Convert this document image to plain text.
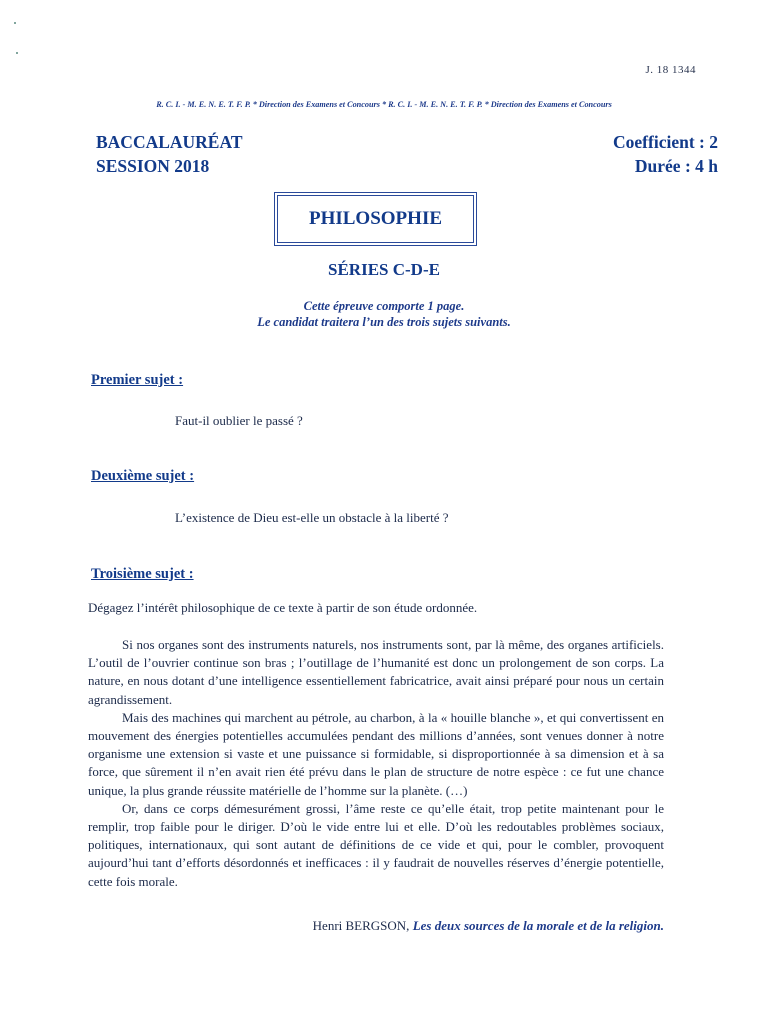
J. 18 1344
R. C. I. - M. E. N. E. T. F. P. * Direction des Examens et Concours * R. C. I. - M. E. N. E. T. F. P. * Direction des Examens et Concours
BACCALAURÉAT
SESSION 2018
Coefficient : 2
Durée : 4 h
PHILOSOPHIE
SÉRIES C-D-E
Cette épreuve comporte 1 page.
Le candidat traitera l’un des trois sujets suivants.
Premier sujet :
Faut-il oublier le passé ?
Deuxième sujet :
L’existence de Dieu est-elle un obstacle à la liberté ?
Troisième sujet :
Dégagez l’intérêt philosophique de ce texte à partir de son étude ordonnée.

Si nos organes sont des instruments naturels, nos instruments sont, par là même, des organes artificiels. L’outil de l’ouvrier continue son bras ; l’outillage de l’humanité est donc un prolongement de son corps. La nature, en nous dotant d’une intelligence essentiellement fabricatrice, avait ainsi préparé pour nous un certain agrandissement.

Mais des machines qui marchent au pétrole, au charbon, à la « houille blanche », et qui convertissent en mouvement des énergies potentielles accumulées pendant des millions d’années, sont venues donner à notre organisme une extension si vaste et une puissance si formidable, si disproportionnée à sa dimension et à sa force, que sûrement il n’en avait rien été prévu dans le plan de structure de notre espèce : ce fut une chance unique, la plus grande réussite matérielle de l’homme sur la planète. (…)

Or, dans ce corps démesurément grossi, l’âme reste ce qu’elle était, trop petite maintenant pour le remplir, trop faible pour le diriger. D’où le vide entre lui et elle. D’où les redoutables problèmes sociaux, politiques, internationaux, qui sont autant de définitions de ce vide et qui, pour le combler, provoquent aujourd’hui tant d’efforts désordonnés et inefficaces : il y faudrait de nouvelles réserves d’énergie potentielle, cette fois morale.

Henri BERGSON, Les deux sources de la morale et de la religion.
